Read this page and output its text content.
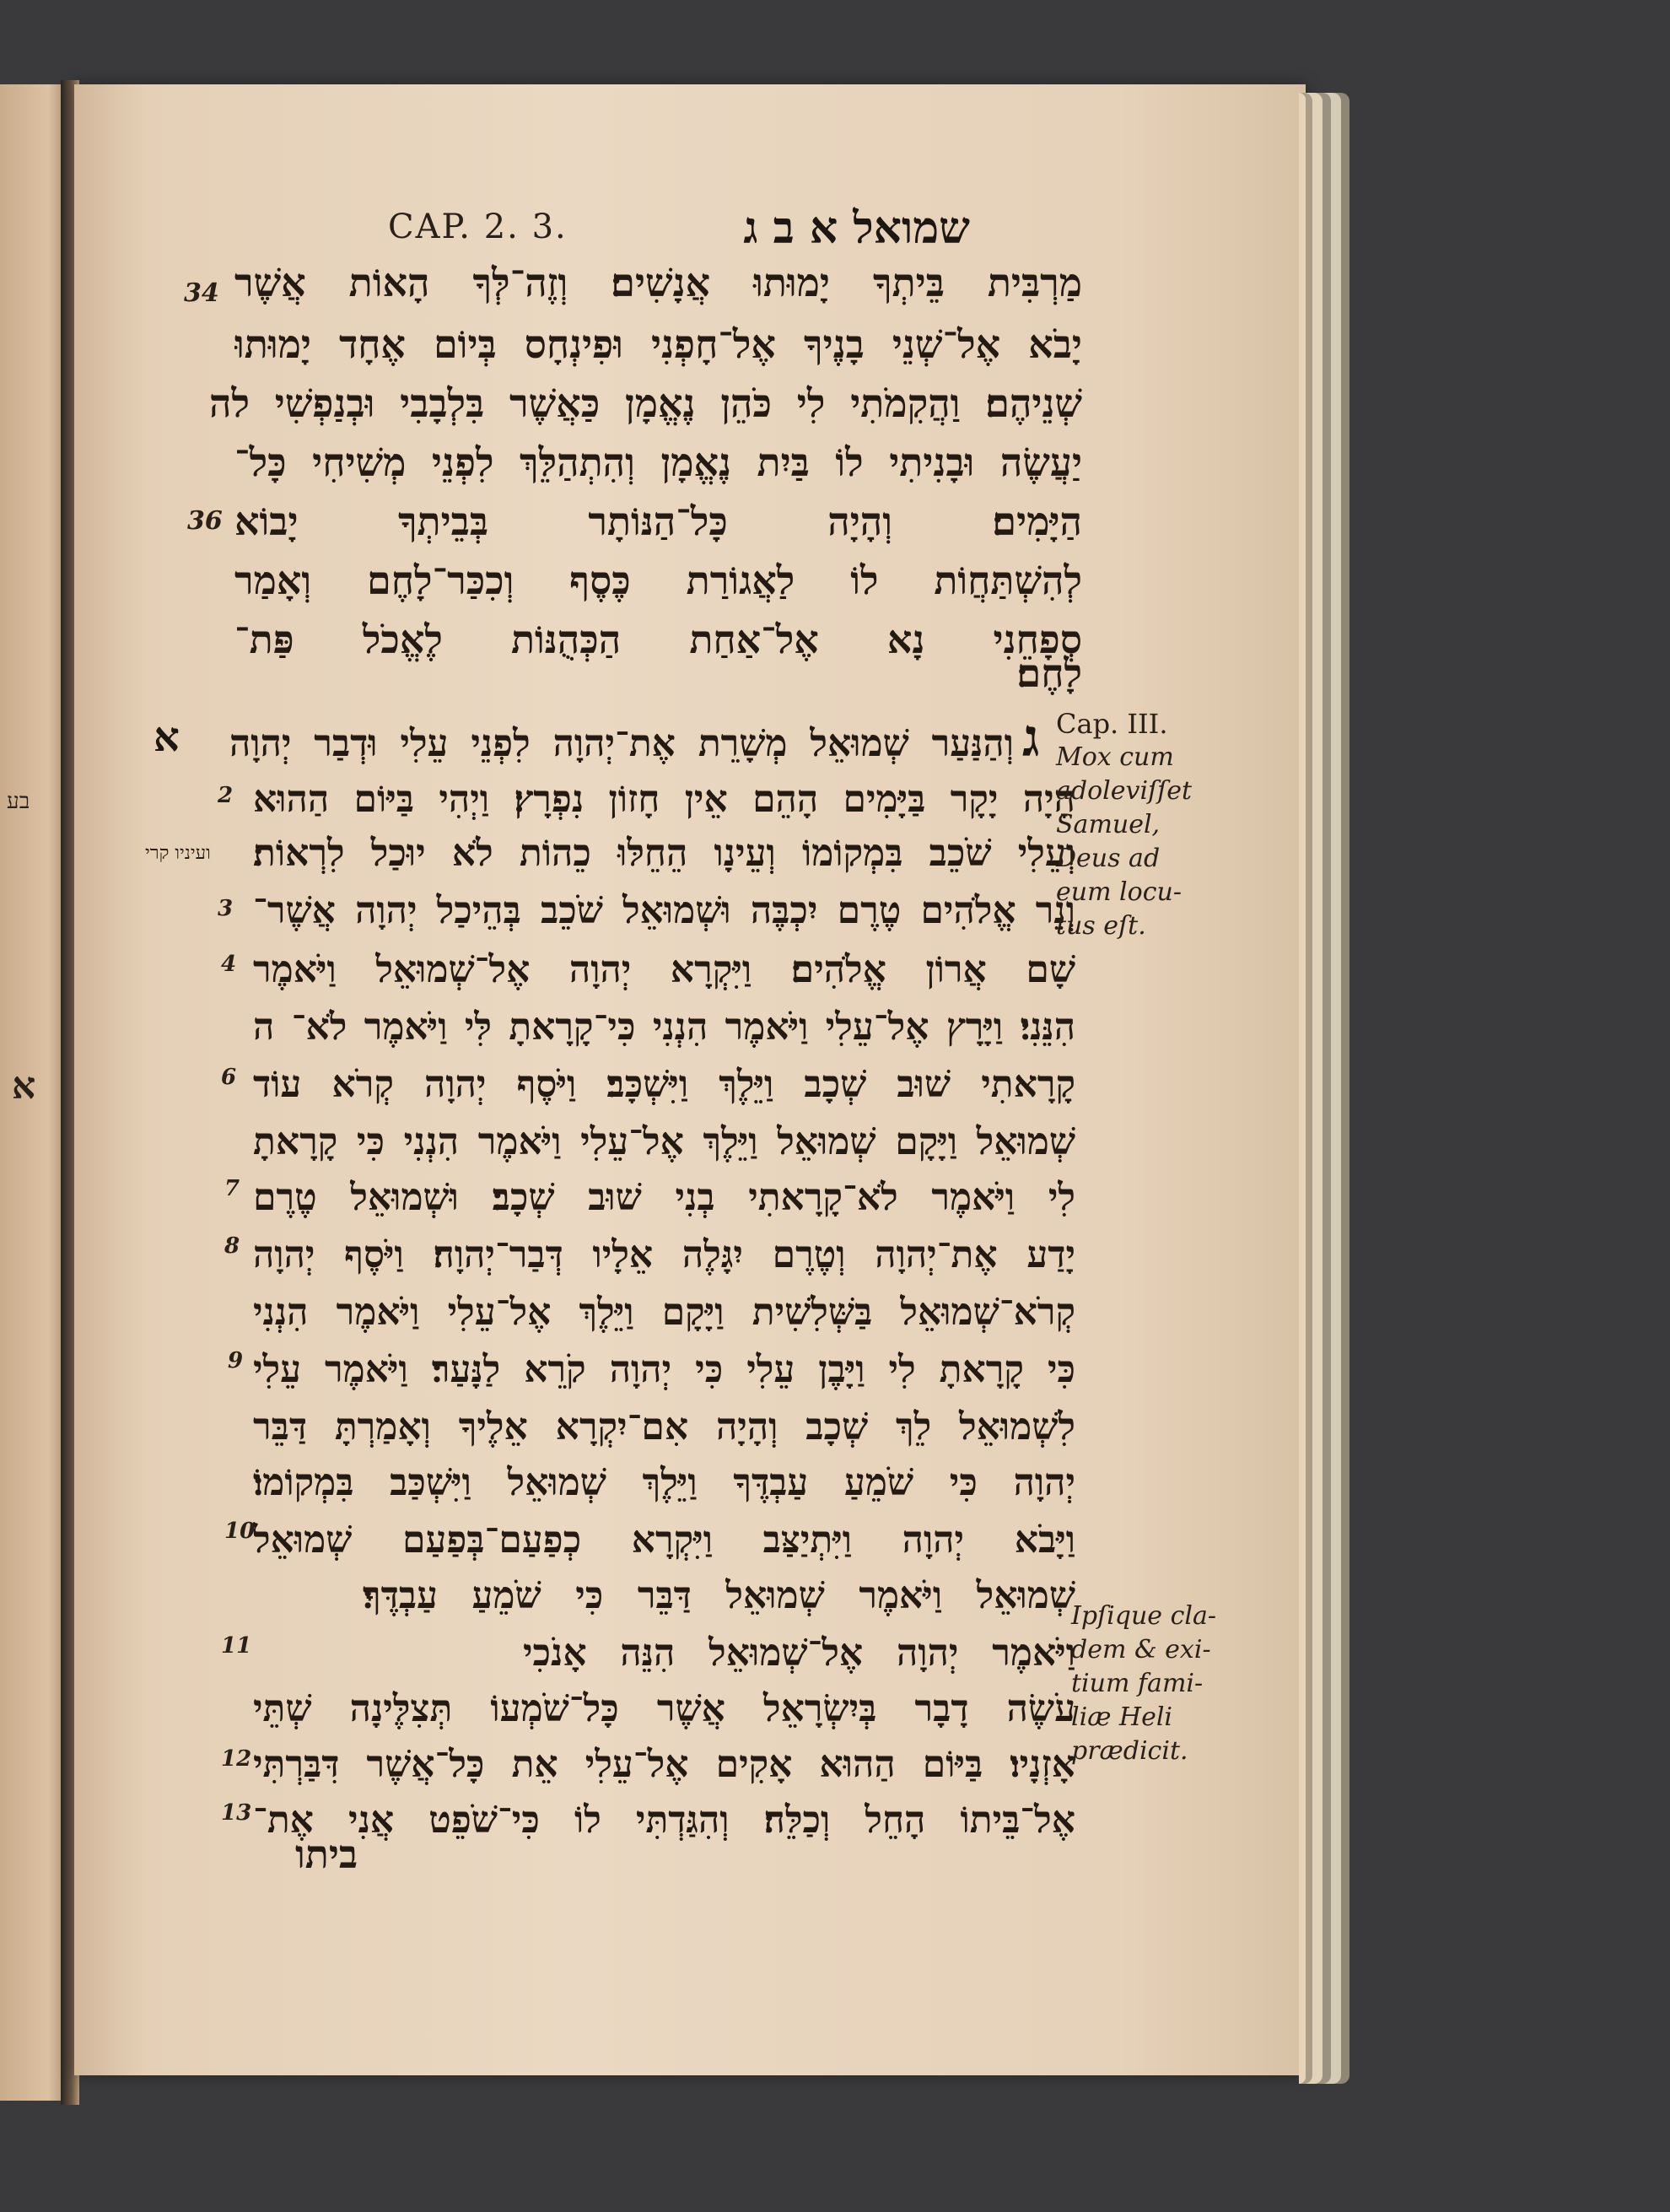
בע
א
CAP. 2. 3.	שמואל א ב ג
מַרְבִּית בֵּיתְךָ יָמוּתוּ אֲנָשִׁים׃ וְזֶה־לְּךָ הָאוֹת אֲשֶׁר
יָבֹא אֶל־שְׁנֵי בָנֶיךָ אֶל־חָפְנִי וּפִינְחָס בְּיוֹם אֶחָד יָמוּתוּ
שְׁנֵיהֶם׃ וַהֲקִמֹתִי לִי כֹּהֵן נֶאֱמָן כַּאֲשֶׁר בִּלְבָבִי וּבְנַפְשִׁי לה
יַעֲשֶׂה וּבָנִיתִי לוֹ בַּיִת נֶאֱמָן וְהִתְהַלֵּךְ לִפְנֵי מְשִׁיחִי כָּל־
הַיָּמִים׃ וְהָיָה כָּל־הַנּוֹתָר בְּבֵיתְךָ יָבוֹא
לְהִשְׁתַּחֲוֹת לוֹ לַאֲגוֹרַת כֶּסֶף וְכִכַּר־לָחֶם וְאָמַר
סְפָחֵנִי נָא אֶל־אַחַת הַכְּהֻנּוֹת לֶאֱכֹל פַּת־
לָחֶם׃
34
36
ג
א וְהַנַּעַר שְׁמוּאֵל מְשָׁרֵת אֶת־יְהוָה לִפְנֵי עֵלִי וּדְבַר יְהוָה
הָיָה יָקָר בַּיָּמִים הָהֵם אֵין חָזוֹן נִפְרָץ׃ וַיְהִי בַּיּוֹם הַהוּא
וְעֵלִי שֹׁכֵב בִּמְקוֹמוֹ וְעֵינָו הֵחֵלּוּ כֵהוֹת לֹא יוּכַל לִרְאוֹת׃
וְנֵר אֱלֹהִים טֶרֶם יִכְבֶּה וּשְׁמוּאֵל שֹׁכֵב בְּהֵיכַל יְהוָה אֲשֶׁר־
שָׁם אֲרוֹן אֱלֹהִים׃ וַיִּקְרָא יְהוָה אֶל־שְׁמוּאֵל וַיֹּאמֶר
הִנֵּנִי׃ וַיָּרָץ אֶל־עֵלִי וַיֹּאמֶר הִנְנִי כִּי־קָרָאתָ לִּי וַיֹּאמֶר לֹא־ ה
קָרָאתִי שׁוּב שְׁכָב וַיֵּלֶךְ וַיִּשְׁכָּב׃ וַיֹּסֶף יְהוָה קְרֹא עוֹד
שְׁמוּאֵל וַיָּקָם שְׁמוּאֵל וַיֵּלֶךְ אֶל־עֵלִי וַיֹּאמֶר הִנְנִי כִּי קָרָאתָ
לִי וַיֹּאמֶר לֹא־קָרָאתִי בְנִי שׁוּב שְׁכָב׃ וּשְׁמוּאֵל טֶרֶם
יָדַע אֶת־יְהוָה וְטֶרֶם יִגָּלֶה אֵלָיו דְּבַר־יְהוָה׃ וַיֹּסֶף יְהוָה
קְרֹא־שְׁמוּאֵל בַּשְּׁלִשִׁית וַיָּקָם וַיֵּלֶךְ אֶל־עֵלִי וַיֹּאמֶר הִנְנִי
כִּי קָרָאתָ לִי וַיָּבֶן עֵלִי כִּי יְהוָה קֹרֵא לַנָּעַר׃ וַיֹּאמֶר עֵלִי
לִשְׁמוּאֵל לֵךְ שְׁכָב וְהָיָה אִם־יִקְרָא אֵלֶיךָ וְאָמַרְתָּ דַּבֵּר
יְהוָה כִּי שֹׁמֵעַ עַבְדֶּךָ וַיֵּלֶךְ שְׁמוּאֵל וַיִּשְׁכַּב בִּמְקוֹמוֹ׃
וַיָּבֹא יְהוָה וַיִּתְיַצַּב וַיִּקְרָא כְפַעַם־בְּפַעַם שְׁמוּאֵל
שְׁמוּאֵל וַיֹּאמֶר שְׁמוּאֵל דַּבֵּר כִּי שֹׁמֵעַ עַבְדֶּךָ׃
וַיֹּאמֶר יְהוָה אֶל־שְׁמוּאֵל הִנֵּה אָנֹכִי
עֹשֶׂה דָבָר בְּיִשְׂרָאֵל אֲשֶׁר כָּל־שֹׁמְעוֹ תְּצִלֶּינָה שְׁתֵּי
אָזְנָיו׃ בַּיּוֹם הַהוּא אָקִים אֶל־עֵלִי אֵת כָּל־אֲשֶׁר דִּבַּרְתִּי
אֶל־בֵּיתוֹ הָחֵל וְכַלֵּה׃ וְהִגַּדְתִּי לוֹ כִּי־שֹׁפֵט אֲנִי אֶת־
2
3
4
6
7
8
9
10
11
12
13
ועיניו קרי
ביתו
Cap. III.
Mox cum
adoleviſſet
Samuel,
Deus ad
eum locu-
tus eſt.
Ipſique cla-
dem & exi-
tium fami-
liæ Heli
prædicit.
